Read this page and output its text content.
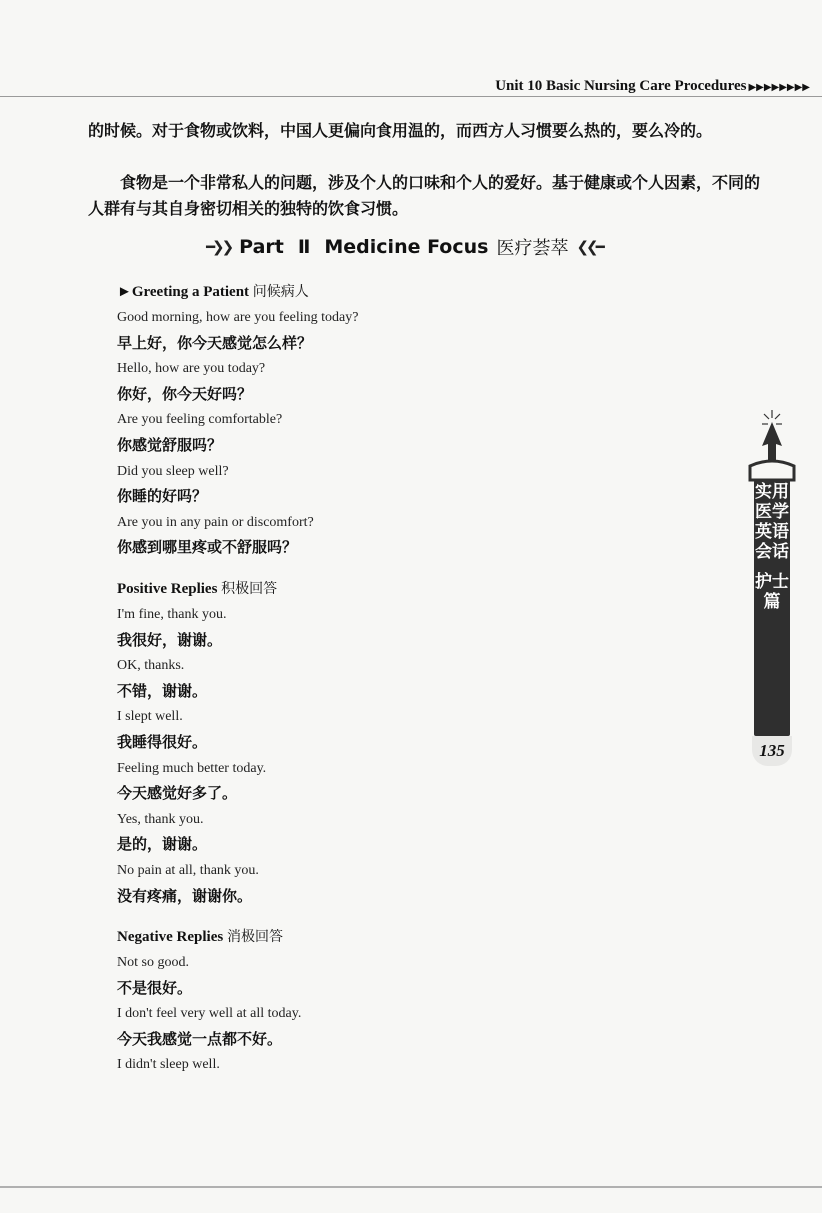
Unit 10 Basic Nursing Care Procedures ▶▶▶▶▶▶▶▶
的时候。对于食物或饮料，中国人更偏向食用温的，而西方人习惯要么热的，要么冷的。
食物是一个非常私人的问题，涉及个人的口味和个人的爱好。基于健康或个人因素，不同的人群有与其自身密切相关的独特的饮食习惯。
━❯❯ Part Ⅱ Medicine Focus 医疗荟萃 ❮❮━
►Greeting a Patient 问候病人
Good morning, how are you feeling today?
早上好，你今天感觉怎么样？
Hello, how are you today?
你好，你今天好吗？
Are you feeling comfortable?
你感觉舒服吗？
Did you sleep well?
你睡的好吗？
Are you in any pain or discomfort?
你感到哪里疼或不舒服吗？
Positive Replies 积极回答
I'm fine, thank you.
我很好，谢谢。
OK, thanks.
不错，谢谢。
I slept well.
我睡得很好。
Feeling much better today.
今天感觉好多了。
Yes, thank you.
是的，谢谢。
No pain at all, thank you.
没有疼痛，谢谢你。
Negative Replies 消极回答
Not so good.
不是很好。
I don't feel very well at all today.
今天我感觉一点都不好。
I didn't sleep well.
实用医学英语会话
护士篇
135
